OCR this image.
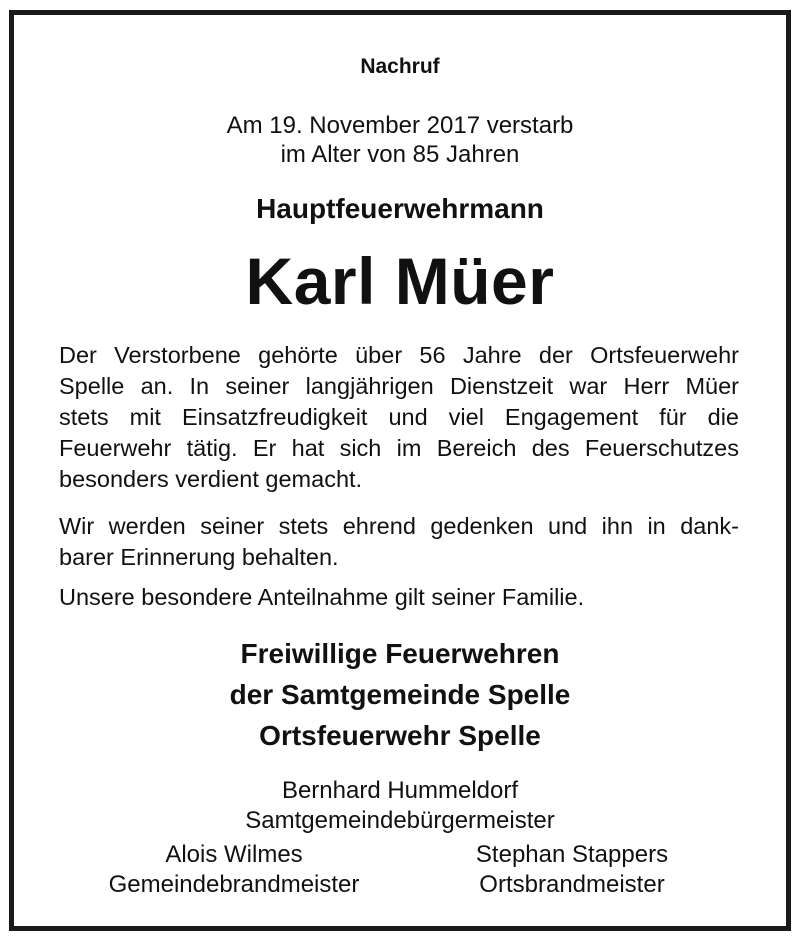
Nachruf
Am 19. November 2017 verstarb
im Alter von 85 Jahren
Hauptfeuerwehrmann
Karl Müer
Der Verstorbene gehörte über 56 Jahre der Ortsfeuerwehr
Spelle an. In seiner langjährigen Dienstzeit war Herr Müer
stets mit Einsatzfreudigkeit und viel Engagement für die
Feuerwehr tätig. Er hat sich im Bereich des Feuerschutzes
besonders verdient gemacht.
Wir werden seiner stets ehrend gedenken und ihn in dank-
barer Erinnerung behalten.
Unsere besondere Anteilnahme gilt seiner Familie.
Freiwillige Feuerwehren
der Samtgemeinde Spelle
Ortsfeuerwehr Spelle
Bernhard Hummeldorf
Samtgemeindebürgermeister
Alois Wilmes
Gemeindebrandmeister
Stephan Stappers
Ortsbrandmeister
